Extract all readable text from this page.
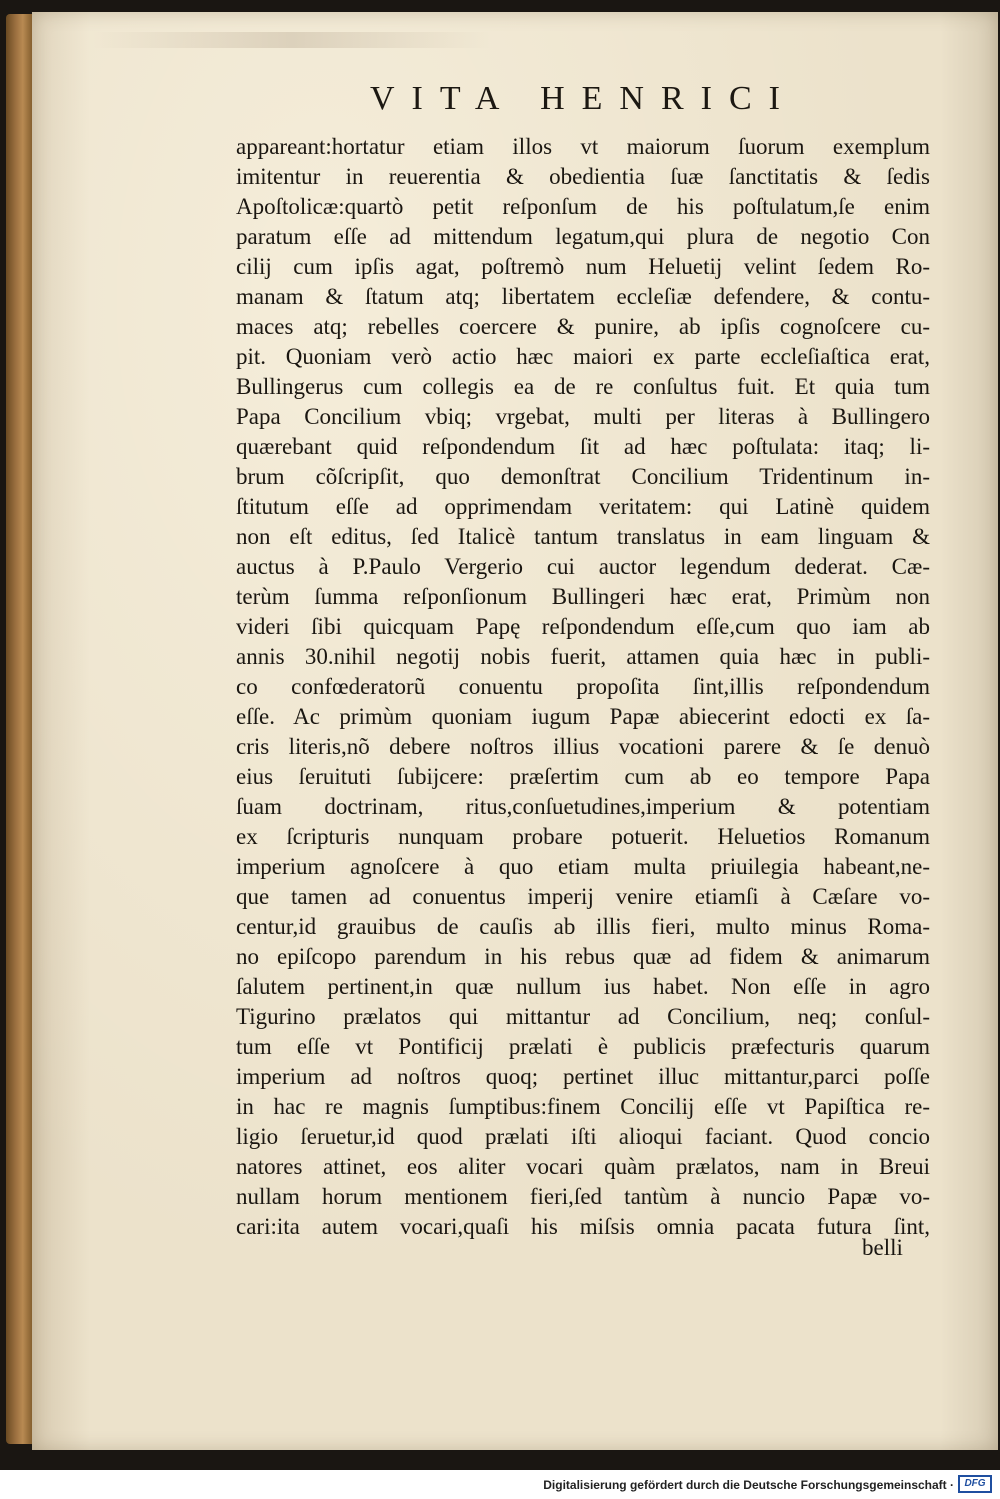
VITA HENRICI
appareant:hortatur etiam illos vt maiorum ſuorum exemplum
imitentur in reuerentia & obedientia ſuæ ſanctitatis & ſedis
Apoſtolicæ:quartò petit reſponſum de his poſtulatum,ſe enim
paratum eſſe ad mittendum legatum,qui plura de negotio Con
cilij cum ipſis agat, poſtremò num Heluetij velint ſedem Ro-
manam & ſtatum atq; libertatem eccleſiæ defendere, & contu-
maces atq; rebelles coercere & punire, ab ipſis cognoſcere cu-
pit. Quoniam verò actio hæc maiori ex parte eccleſiaſtica erat,
Bullingerus cum collegis ea de re conſultus fuit. Et quia tum
Papa Concilium vbiq; vrgebat, multi per literas à Bullingero
quærebant quid reſpondendum ſit ad hæc poſtulata: itaq; li-
brum cõſcripſit, quo demonſtrat Concilium Tridentinum in-
ſtitutum eſſe ad opprimendam veritatem: qui Latinè quidem
non eſt editus, ſed Italicè tantum translatus in eam linguam &
auctus à P.Paulo Vergerio cui auctor legendum dederat. Cæ-
terùm ſumma reſponſionum Bullingeri hæc erat, Primùm non
videri ſibi quicquam Papę reſpondendum eſſe,cum quo iam ab
annis 30.nihil negotij nobis fuerit, attamen quia hæc in publi-
co confœderatorũ conuentu propoſita ſint,illis reſpondendum
eſſe. Ac primùm quoniam iugum Papæ abiecerint edocti ex ſa-
cris literis,nõ debere noſtros illius vocationi parere & ſe denuò
eius ſeruituti ſubijcere: præſertim cum ab eo tempore Papa
ſuam doctrinam, ritus,conſuetudines,imperium & potentiam
ex ſcripturis nunquam probare potuerit. Heluetios Romanum
imperium agnoſcere à quo etiam multa priuilegia habeant,ne-
que tamen ad conuentus imperij venire etiamſi à Cæſare vo-
centur,id grauibus de cauſis ab illis fieri, multo minus Roma-
no epiſcopo parendum in his rebus quæ ad fidem & animarum
ſalutem pertinent,in quæ nullum ius habet. Non eſſe in agro
Tigurino prælatos qui mittantur ad Concilium, neq; conſul-
tum eſſe vt Pontificij prælati è publicis præfecturis quarum
imperium ad noſtros quoq; pertinet illuc mittantur,parci poſſe
in hac re magnis ſumptibus:finem Concilij eſſe vt Papiſtica re-
ligio ſeruetur,id quod prælati iſti alioqui faciant. Quod concio
natores attinet, eos aliter vocari quàm prælatos, nam in Breui
nullam horum mentionem fieri,ſed tantùm à nuncio Papæ vo-
cari:ita autem vocari,quaſi his miſsis omnia pacata futura ſint,
belli
Digitalisierung gefördert durch die Deutsche Forschungsgemeinschaft ·	DFG
